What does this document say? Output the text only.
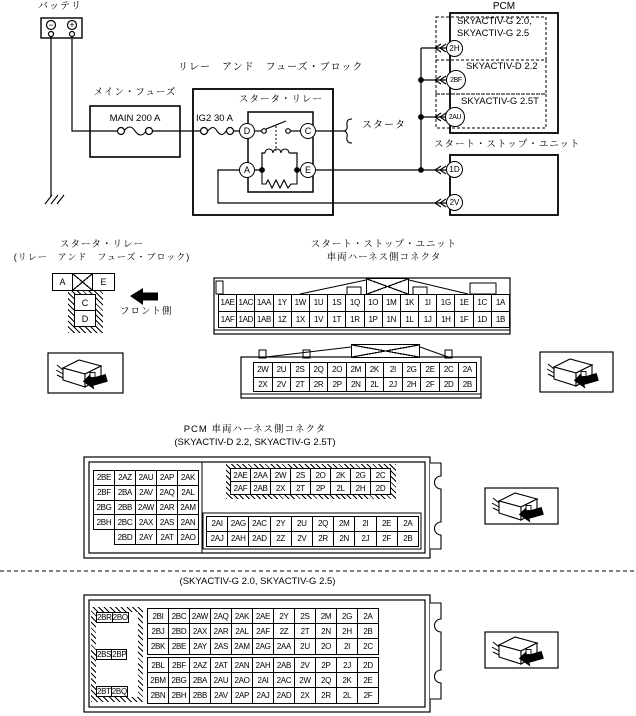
バッテリ
− +
メイン・フューズ
MAIN 200 A
リレー　アンド　フューズ・ブロック
IG2 30 A
スタータ・リレー
スタータ
PCM
SKYACTIV-G 2.0,
SKYACTIV-G 2.5
SKYACTIV-D 2.2
SKYACTIV-G 2.5T
スタート・ストップ・ユニット
D	C
A	E
2H
2BF
2AU
1D
2V
スタータ・リレー
(リレー　アンド　フューズ・ブロック)
A	E
C
D
フロント側
スタート・ストップ・ユニット
車両ハーネス側コネクタ
1AE 1AC 1AA 1Y 1W 1U	1S	1Q	1O 1M	1K	1I	1G	1E	1C	1A
1AF 1AD 1AB 1Z	1X	1V	1T	1R	1P	1N	1L	1J	1H	1F	1D	1B
2W	2U	2S	2Q	2O	2M	2K	2I	2G	2E	2C	2A
2X	2V	2T	2R	2P	2N	2L	2J	2H	2F	2D	2B
PCM 車両ハーネス側コネクタ
(SKYACTIV-D 2.2, SKYACTIV-G 2.5T)
2BE 2AZ 2AU 2AP 2AK
2BF 2BA 2AV 2AQ 2AL
2BG 2BB 2AW 2AR 2AM
2BH 2BC 2AX 2AS 2AN
2BD 2AY 2AT 2AO
2AE 2AA 2W	2S	2O	2K	2G	2C
2AF 2AB	2X	2T	2P	2L	2H	2D
2AI	2AG 2AC	2Y	2U	2Q	2M	2I	2E	2A
2AJ 2AH 2AD	2Z	2V	2R	2N	2J	2F	2B
(SKYACTIV-G 2.0, SKYACTIV-G 2.5)
2BR 2BO
2BS 2BP
2BT 2BQ
2BI	2BC 2AW 2AQ 2AK 2AE	2Y	2S	2M	2G	2A
2BJ 2BD 2AX 2AR 2AL 2AF	2Z	2T	2N	2H	2B
2BK 2BE 2AY 2AS 2AM 2AG 2AA	2U	2O	2I	2C
2BL 2BF 2AZ 2AT 2AN 2AH 2AB	2V	2P	2J	2D
2BM 2BG 2BA 2AU 2AO 2AI	2AC 2W	2Q	2K	2E
2BN 2BH 2BB 2AV 2AP 2AJ 2AD	2X	2R	2L	2F
